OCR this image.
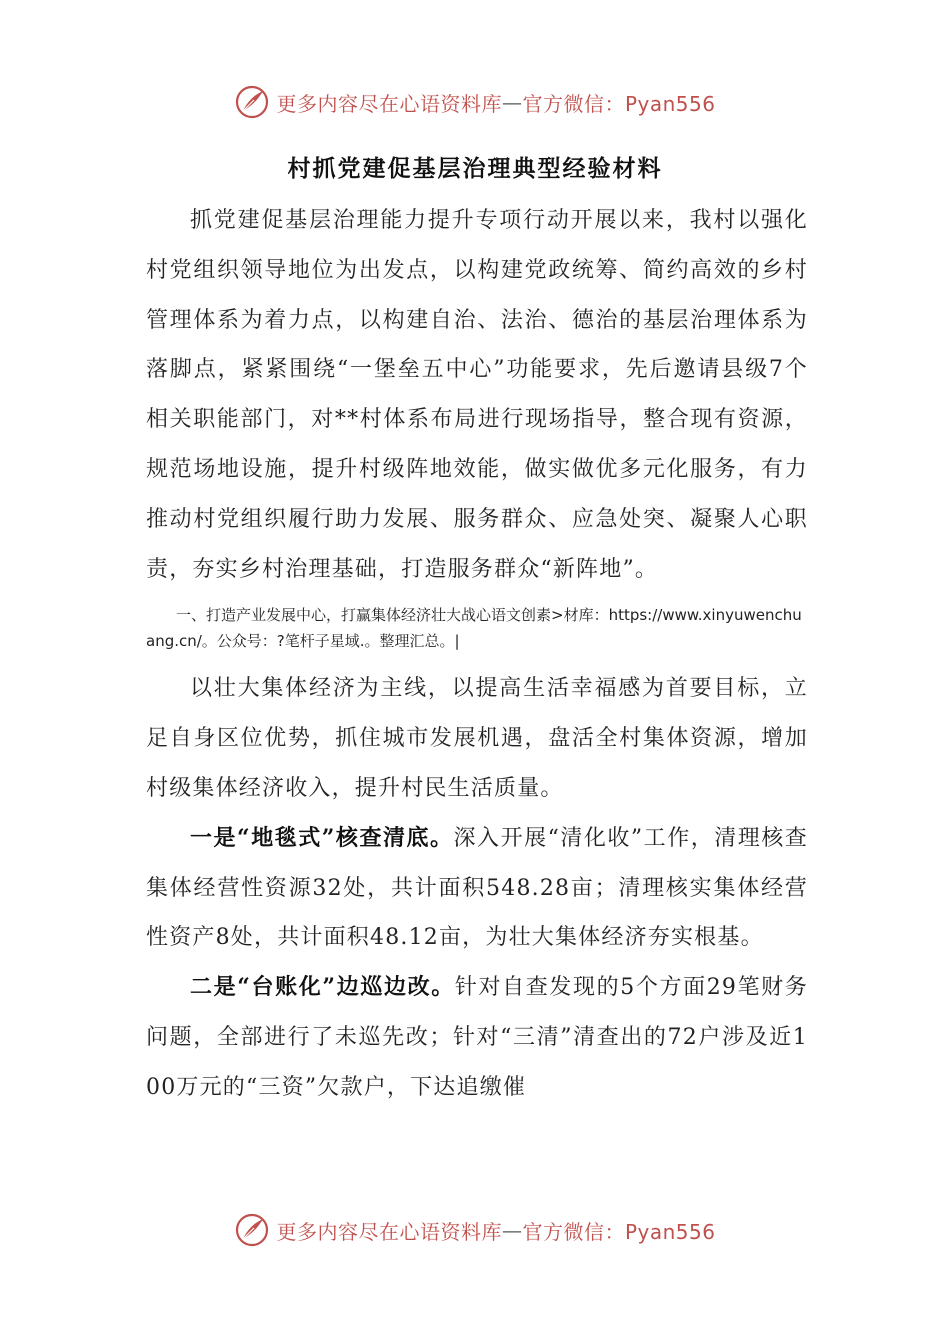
更多内容尽在心语资料库 — 官方微信：Pyan556
村抓党建促基层治理典型经验材料

抓党建促基层治理能力提升专项行动开展以来，我村以强化村党组织领导地位为出发点，以构建党政统筹、简约高效的乡村管理体系为着力点，以构建自治、法治、德治的基层治理体系为落脚点，紧紧围绕“一堡垒五中心”功能要求，先后邀请县级7个相关职能部门，对**村体系布局进行现场指导，整合现有资源，规范场地设施，提升村级阵地效能，做实做优多元化服务，有力推动村党组织履行助力发展、服务群众、应急处突、凝聚人心职责，夯实乡村治理基础，打造服务群众“新阵地”。

一、打造产业发展中心，打赢集体经济壮大战心语文创素>材库：https://www.xinyuwenchuang.cn/。公众号：?笔杆子星域.。整理汇总。|

以壮大集体经济为主线，以提高生活幸福感为首要目标，立足自身区位优势，抓住城市发展机遇，盘活全村集体资源，增加村级集体经济收入，提升村民生活质量。

一是“地毯式”核查清底。深入开展“清化收”工作，清理核查集体经营性资源32处，共计面积548.28亩；清理核实集体经营性资产8处，共计面积48.12亩，为壮大集体经济夯实根基。

二是“台账化”边巡边改。针对自查发现的5个方面29笔财务问题，全部进行了未巡先改；针对“三清”清查出的72户涉及近100万元的“三资”欠款户，下达追缴催

更多内容尽在心语资料库 — 官方微信：Pyan556
